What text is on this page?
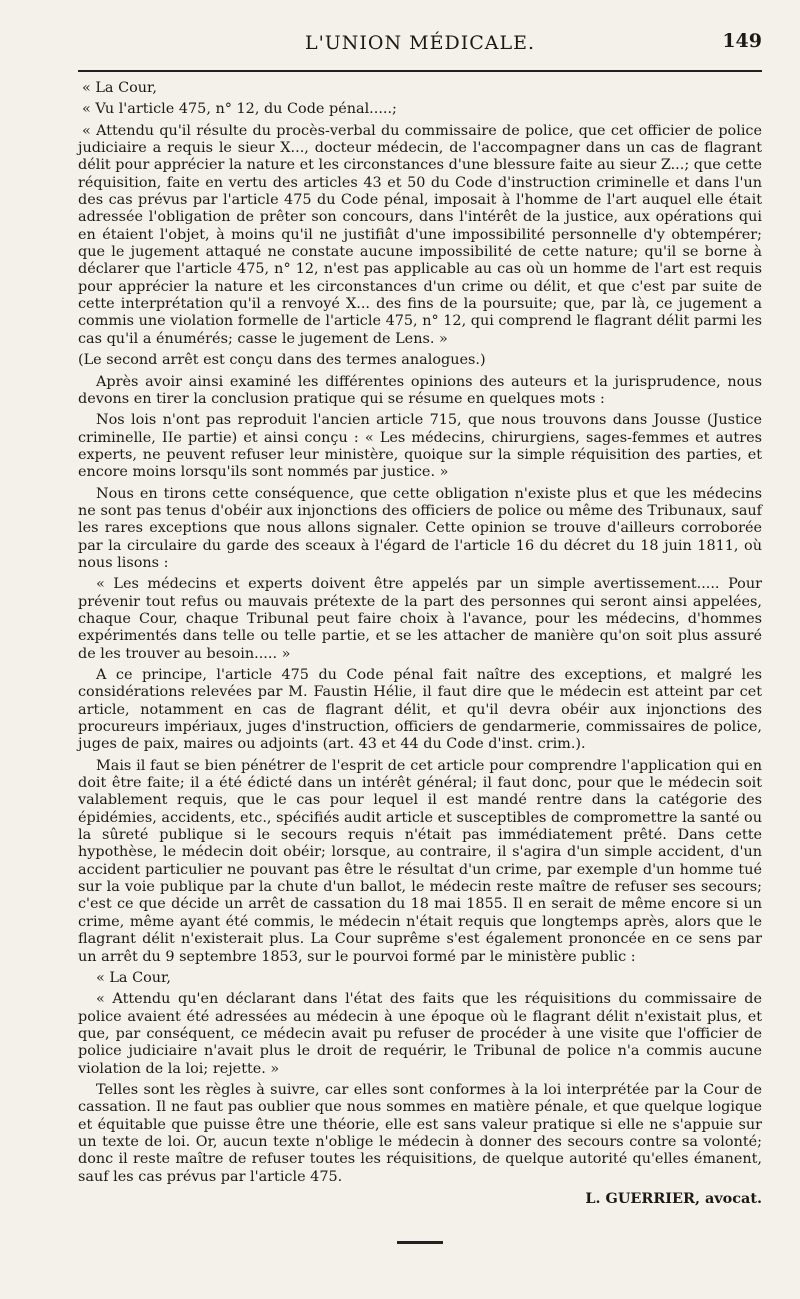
L'UNION MÉDICALE.	149

« La Cour,

« Vu l'article 475, n° 12, du Code pénal.....;

« Attendu qu'il résulte du procès-verbal du commissaire de police, que cet officier de police judiciaire a requis le sieur X..., docteur médecin, de l'accompagner dans un cas de flagrant délit pour apprécier la nature et les circonstances d'une blessure faite au sieur Z...; que cette réquisition, faite en vertu des articles 43 et 50 du Code d'instruction criminelle et dans l'un des cas prévus par l'article 475 du Code pénal, imposait à l'homme de l'art auquel elle était adressée l'obligation de prêter son concours, dans l'intérêt de la justice, aux opérations qui en étaient l'objet, à moins qu'il ne justifiât d'une impossibilité personnelle d'y obtempérer; que le jugement attaqué ne constate aucune impossibilité de cette nature; qu'il se borne à déclarer que l'article 475, n° 12, n'est pas applicable au cas où un homme de l'art est requis pour apprécier la nature et les circonstances d'un crime ou délit, et que c'est par suite de cette interprétation qu'il a renvoyé X... des fins de la poursuite; que, par là, ce jugement a commis une violation formelle de l'article 475, n° 12, qui comprend le flagrant délit parmi les cas qu'il a énumérés; casse le jugement de Lens. »

(Le second arrêt est conçu dans des termes analogues.)

Après avoir ainsi examiné les différentes opinions des auteurs et la jurisprudence, nous devons en tirer la conclusion pratique qui se résume en quelques mots :

Nos lois n'ont pas reproduit l'ancien article 715, que nous trouvons dans Jousse (Justice criminelle, IIe partie) et ainsi conçu : « Les médecins, chirurgiens, sages-femmes et autres experts, ne peuvent refuser leur ministère, quoique sur la simple réquisition des parties, et encore moins lorsqu'ils sont nommés par justice. »

Nous en tirons cette conséquence, que cette obligation n'existe plus et que les médecins ne sont pas tenus d'obéir aux injonctions des officiers de police ou même des Tribunaux, sauf les rares exceptions que nous allons signaler. Cette opinion se trouve d'ailleurs corroborée par la circulaire du garde des sceaux à l'égard de l'article 16 du décret du 18 juin 1811, où nous lisons :

« Les médecins et experts doivent être appelés par un simple avertissement..... Pour prévenir tout refus ou mauvais prétexte de la part des personnes qui seront ainsi appelées, chaque Cour, chaque Tribunal peut faire choix à l'avance, pour les médecins, d'hommes expérimentés dans telle ou telle partie, et se les attacher de manière qu'on soit plus assuré de les trouver au besoin..... »

A ce principe, l'article 475 du Code pénal fait naître des exceptions, et malgré les considérations relevées par M. Faustin Hélie, il faut dire que le médecin est atteint par cet article, notamment en cas de flagrant délit, et qu'il devra obéir aux injonctions des procureurs impériaux, juges d'instruction, officiers de gendarmerie, commissaires de police, juges de paix, maires ou adjoints (art. 43 et 44 du Code d'inst. crim.).

Mais il faut se bien pénétrer de l'esprit de cet article pour comprendre l'application qui en doit être faite; il a été édicté dans un intérêt général; il faut donc, pour que le médecin soit valablement requis, que le cas pour lequel il est mandé rentre dans la catégorie des épidémies, accidents, etc., spécifiés audit article et susceptibles de compromettre la santé ou la sûreté publique si le secours requis n'était pas immédiatement prêté. Dans cette hypothèse, le médecin doit obéir; lorsque, au contraire, il s'agira d'un simple accident, d'un accident particulier ne pouvant pas être le résultat d'un crime, par exemple d'un homme tué sur la voie publique par la chute d'un ballot, le médecin reste maître de refuser ses secours; c'est ce que décide un arrêt de cassation du 18 mai 1855. Il en serait de même encore si un crime, même ayant été commis, le médecin n'était requis que longtemps après, alors que le flagrant délit n'existerait plus. La Cour suprême s'est également prononcée en ce sens par un arrêt du 9 septembre 1853, sur le pourvoi formé par le ministère public :

« La Cour,

« Attendu qu'en déclarant dans l'état des faits que les réquisitions du commissaire de police avaient été adressées au médecin à une époque où le flagrant délit n'existait plus, et que, par conséquent, ce médecin avait pu refuser de procéder à une visite que l'officier de police judiciaire n'avait plus le droit de requérir, le Tribunal de police n'a commis aucune violation de la loi; rejette. »

Telles sont les règles à suivre, car elles sont conformes à la loi interprétée par la Cour de cassation. Il ne faut pas oublier que nous sommes en matière pénale, et que quelque logique et équitable que puisse être une théorie, elle est sans valeur pratique si elle ne s'appuie sur un texte de loi. Or, aucun texte n'oblige le médecin à donner des secours contre sa volonté; donc il reste maître de refuser toutes les réquisitions, de quelque autorité qu'elles émanent, sauf les cas prévus par l'article 475.

L. GUERRIER, avocat.
